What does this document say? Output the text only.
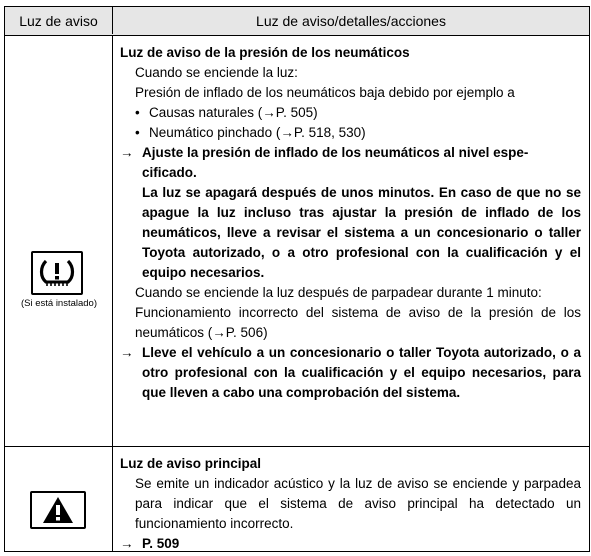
Luz de aviso	Luz de aviso/detalles/acciones
(Si está instalado)
Luz de aviso de la presión de los neumáticos
Cuando se enciende la luz:
Presión de inflado de los neumáticos baja debido por ejemplo a
• Causas naturales (→P. 505)
• Neumático pinchado (→P. 518, 530)
→ Ajuste la presión de inflado de los neumáticos al nivel espe-
cificado.
La luz se apagará después de unos minutos. En caso de que no se apague la luz incluso tras ajustar la presión de inflado de los neumáticos, lleve a revisar el sistema a un concesionario o taller Toyota autorizado, o a otro profesional con la cualificación y el equipo necesarios.
Cuando se enciende la luz después de parpadear durante 1 minuto:
Funcionamiento incorrecto del sistema de aviso de la presión de los neumáticos (→P. 506)
→ Lleve el vehículo a un concesionario o taller Toyota autorizado, o a otro profesional con la cualificación y el equipo necesarios, para que lleven a cabo una comprobación del sistema.
Luz de aviso principal
Se emite un indicador acústico y la luz de aviso se enciende y parpadea para indicar que el sistema de aviso principal ha detectado un funcionamiento incorrecto.
→ P. 509
